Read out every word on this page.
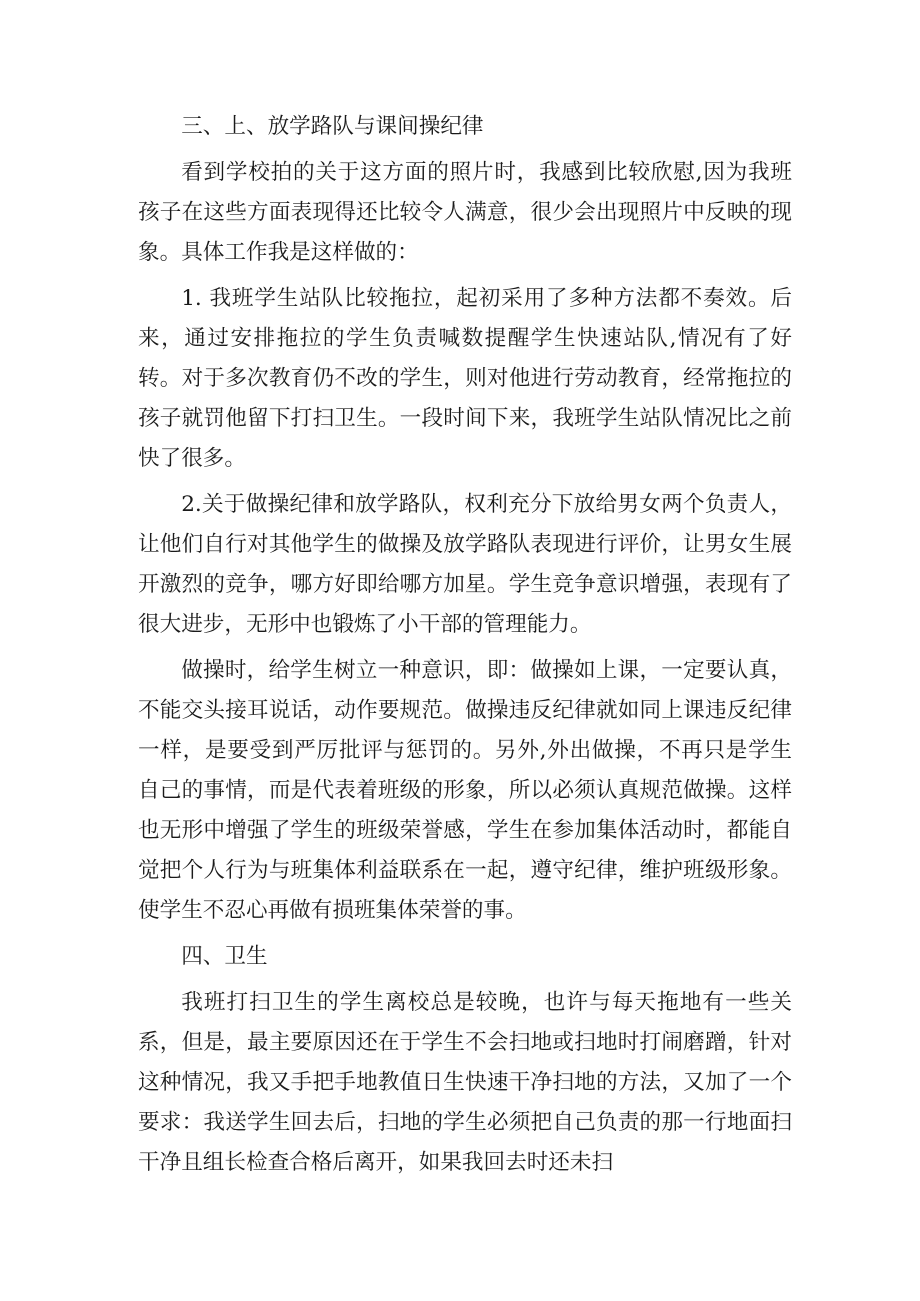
三、上、放学路队与课间操纪律

看到学校拍的关于这方面的照片时，我感到比较欣慰,因为我班孩子在这些方面表现得还比较令人满意，很少会出现照片中反映的现象。具体工作我是这样做的：

1. 我班学生站队比较拖拉，起初采用了多种方法都不奏效。后来，通过安排拖拉的学生负责喊数提醒学生快速站队,情况有了好转。对于多次教育仍不改的学生，则对他进行劳动教育，经常拖拉的孩子就罚他留下打扫卫生。一段时间下来，我班学生站队情况比之前快了很多。

2.关于做操纪律和放学路队，权利充分下放给男女两个负责人，让他们自行对其他学生的做操及放学路队表现进行评价，让男女生展开激烈的竞争，哪方好即给哪方加星。学生竞争意识增强，表现有了很大进步，无形中也锻炼了小干部的管理能力。

做操时，给学生树立一种意识，即：做操如上课，一定要认真，不能交头接耳说话，动作要规范。做操违反纪律就如同上课违反纪律一样，是要受到严厉批评与惩罚的。另外,外出做操，不再只是学生自己的事情，而是代表着班级的形象，所以必须认真规范做操。这样也无形中增强了学生的班级荣誉感，学生在参加集体活动时，都能自觉把个人行为与班集体利益联系在一起，遵守纪律，维护班级形象。使学生不忍心再做有损班集体荣誉的事。

四、卫生

我班打扫卫生的学生离校总是较晚，也许与每天拖地有一些关系，但是，最主要原因还在于学生不会扫地或扫地时打闹磨蹭，针对这种情况，我又手把手地教值日生快速干净扫地的方法，又加了一个要求：我送学生回去后，扫地的学生必须把自己负责的那一行地面扫干净且组长检查合格后离开，如果我回去时还未扫
